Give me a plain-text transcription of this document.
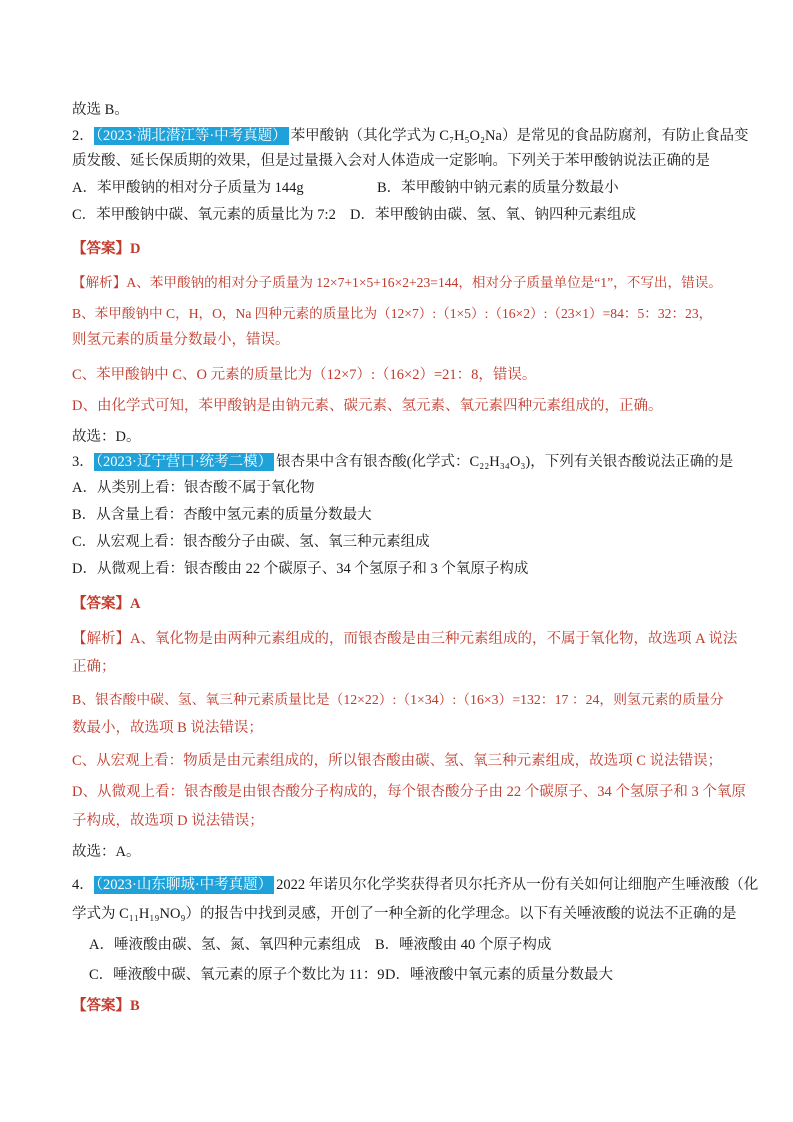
故选 B。
2． （2023·湖北潜江等·中考真题） 苯甲酸钠（其化学式为 C₇H₅O₂Na）是常见的食品防腐剂，有防止食品变
质发酸、延长保质期的效果，但是过量摄入会对人体造成一定影响。下列关于苯甲酸钠说法正确的是
A．苯甲酸钠的相对分子质量为 144g	B．苯甲酸钠中钠元素的质量分数最小
C．苯甲酸钠中碳、氧元素的质量比为 7:2 D．苯甲酸钠由碳、氢、氧、钠四种元素组成
【答案】D
【解析】A、苯甲酸钠的相对分子质量为 12×7+1×5+16×2+23=144，相对分子质量单位是“1”，不写出，错误。
B、苯甲酸钠中 C，H，O，Na 四种元素的质量比为（12×7）:（1×5）:（16×2）:（23×1）=84：5：32：23，
则氢元素的质量分数最小，错误。
C、苯甲酸钠中 C、O 元素的质量比为（12×7）:（16×2）=21：8，错误。
D、由化学式可知，苯甲酸钠是由钠元素、碳元素、氢元素、氧元素四种元素组成的，正确。
故选：D。
3． （2023·辽宁营口·统考二模） 银杏果中含有银杏酸(化学式：C₂₂H₃₄O₃)，下列有关银杏酸说法正确的是
A．从类别上看：银杏酸不属于氧化物
B．从含量上看：杏酸中氢元素的质量分数最大
C．从宏观上看：银杏酸分子由碳、氢、氧三种元素组成
D．从微观上看：银杏酸由 22 个碳原子、34 个氢原子和 3 个氧原子构成
【答案】A
【解析】A、氧化物是由两种元素组成的，而银杏酸是由三种元素组成的，不属于氧化物，故选项 A 说法
正确；
B、银杏酸中碳、氢、氧三种元素质量比是（12×22）:（1×34）:（16×3）=132：17 ：24，则氢元素的质量分
数最小，故选项 B 说法错误；
C、从宏观上看：物质是由元素组成的，所以银杏酸由碳、氢、氧三种元素组成，故选项 C 说法错误；
D、从微观上看：银杏酸是由银杏酸分子构成的，每个银杏酸分子由 22 个碳原子、34 个氢原子和 3 个氧原
子构成，故选项 D 说法错误；
故选：A。
4． （2023·山东聊城·中考真题） 2022 年诺贝尔化学奖获得者贝尔托齐从一份有关如何让细胞产生唾液酸（化
学式为 C₁₁H₁₉NO₉）的报告中找到灵感，开创了一种全新的化学理念。以下有关唾液酸的说法不正确的是
A．唾液酸由碳、氢、氮、氧四种元素组成 B．唾液酸由 40 个原子构成
C．唾液酸中碳、氧元素的原子个数比为 11：9 D．唾液酸中氧元素的质量分数最大
【答案】B
